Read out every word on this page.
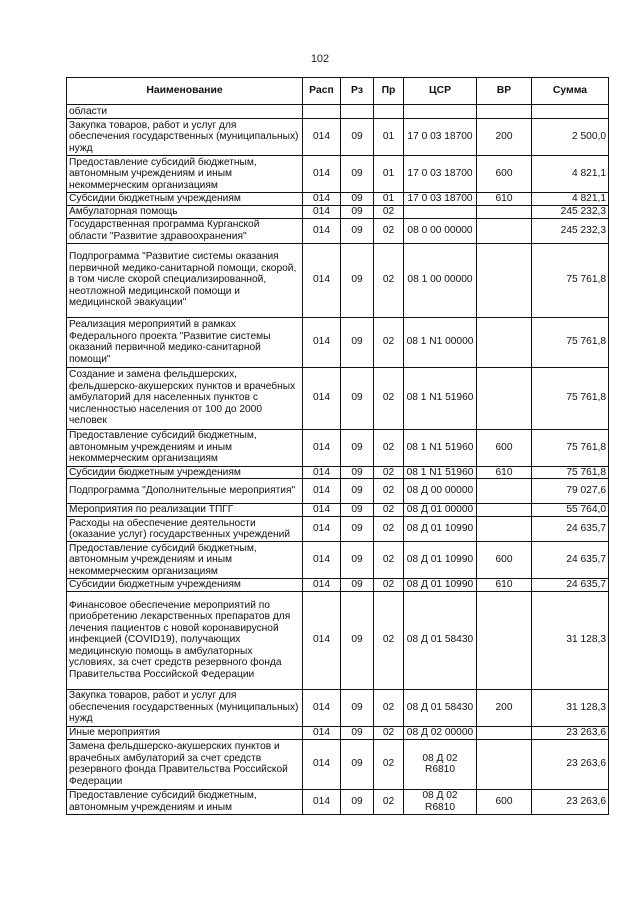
102
Наименование	Расп	Рз	Пр	ЦСР	ВР	Сумма
области						
Закупка товаров, работ и услуг для обеспечения государственных (муниципальных) нужд	014	09	01	17 0 03 18700	200	2 500,0
Предоставление субсидий бюджетным, автономным учреждениям и иным некоммерческим организациям	014	09	01	17 0 03 18700	600	4 821,1
Субсидии бюджетным учреждениям	014	09	01	17 0 03 18700	610	4 821,1
Амбулаторная помощь	014	09	02			245 232,3
Государственная программа Курганской области "Развитие здравоохранения"	014	09	02	08 0 00 00000		245 232,3
Подпрограмма "Развитие системы оказания первичной медико-санитарной помощи, скорой, в том числе скорой специализированной, неотложной медицинской помощи и медицинской эвакуации"	014	09	02	08 1 00 00000		75 761,8
Реализация мероприятий в рамках Федерального проекта "Развитие системы оказаний первичной медико-санитарной помощи"	014	09	02	08 1 N1 00000		75 761,8
Создание и замена фельдшерских, фельдшерско-акушерских пунктов и врачебных амбулаторий для населенных пунктов с численностью населения от 100 до 2000 человек	014	09	02	08 1 N1 51960		75 761,8
Предоставление субсидий бюджетным, автономным учреждениям и иным некоммерческим организациям	014	09	02	08 1 N1 51960	600	75 761,8
Субсидии бюджетным учреждениям	014	09	02	08 1 N1 51960	610	75 761,8
Подпрограмма "Дополнительные мероприятия"	014	09	02	08 Д 00 00000		79 027,6
Мероприятия по реализации ТПГГ	014	09	02	08 Д 01 00000		55 764,0
Расходы на обеспечение деятельности (оказание услуг) государственных учреждений	014	09	02	08 Д 01 10990		24 635,7
Предоставление субсидий бюджетным, автономным учреждениям и иным некоммерческим организациям	014	09	02	08 Д 01 10990	600	24 635,7
Субсидии бюджетным учреждениям	014	09	02	08 Д 01 10990	610	24 635,7
Финансовое обеспечение мероприятий по приобретению лекарственных препаратов для лечения пациентов с новой коронавирусной инфекцией (COVID19), получающих медицинскую помощь в амбулаторных условиях, за счет средств резервного фонда Правительства Российской Федерации	014	09	02	08 Д 01 58430		31 128,3
Закупка товаров, работ и услуг для обеспечения государственных (муниципальных) нужд	014	09	02	08 Д 01 58430	200	31 128,3
Иные мероприятия	014	09	02	08 Д 02 00000		23 263,6
Замена фельдшерско-акушерских пунктов и врачебных амбулаторий за счет средств резервного фонда Правительства Российской Федерации	014	09	02	08 Д 02 R6810		23 263,6
Предоставление субсидий бюджетным, автономным учреждениям и иным	014	09	02	08 Д 02 R6810	600	23 263,6
